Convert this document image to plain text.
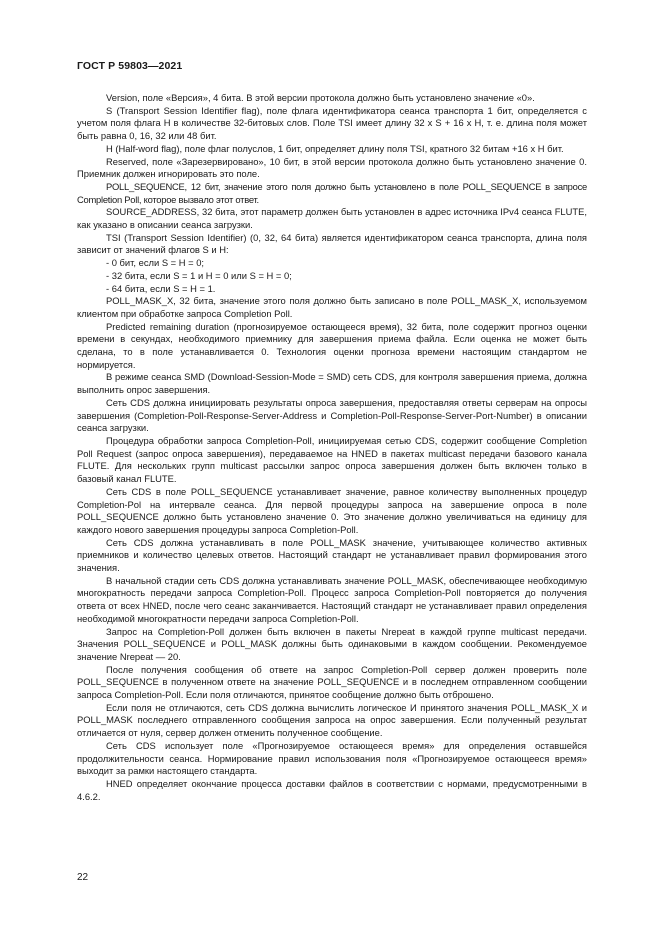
ГОСТ Р 59803—2021

Version, поле «Версия», 4 бита. В этой версии протокола должно быть установлено значение «0».

S (Transport Session Identifier flag), поле флага идентификатора сеанса транспорта 1 бит, определяется с учетом поля флага H в количестве 32-битовых слов. Поле TSI имеет длину 32 x S + 16 x H, т. е. длина поля может быть равна 0, 16, 32 или 48 бит.

H (Half-word flag), поле флаг полуслов, 1 бит, определяет длину поля TSI, кратного 32 битам +16 x H бит.

Reserved, поле «Зарезервировано», 10 бит, в этой версии протокола должно быть установлено значение 0. Приемник должен игнорировать это поле.

POLL_SEQUENCE, 12 бит, значение этого поля должно быть установлено в поле POLL_SEQUENCE в запросе Completion Poll, которое вызвало этот ответ.

SOURCE_ADDRESS, 32 бита, этот параметр должен быть установлен в адрес источника IPv4 сеанса FLUTE, как указано в описании сеанса загрузки.

TSI (Transport Session Identifier) (0, 32, 64 бита) является идентификатором сеанса транспорта, длина поля зависит от значений флагов S и H:

- 0 бит, если S = H = 0;

- 32 бита, если S = 1 и H = 0 или S = H = 0;

- 64 бита, если S = H = 1.

POLL_MASK_X, 32 бита, значение этого поля должно быть записано в поле POLL_MASK_X, используемом клиентом при обработке запроса Completion Poll.

Predicted remaining duration (прогнозируемое остающееся время), 32 бита, поле содержит прогноз оценки времени в секундах, необходимого приемнику для завершения приема файла. Если оценка не может быть сделана, то в поле устанавливается 0. Технология оценки прогноза времени настоящим стандартом не нормируется.

В режиме сеанса SMD (Download-Session-Mode = SMD) сеть CDS, для контроля завершения приема, должна выполнить опрос завершения.

Сеть CDS должна инициировать результаты опроса завершения, предоставляя ответы серверам на опросы завершения (Completion-Poll-Response-Server-Address и Completion-Poll-Response-Server-Port-Number) в описании сеанса загрузки.

Процедура обработки запроса Completion-Poll, инициируемая сетью CDS, содержит сообщение Completion Poll Request (запрос опроса завершения), передаваемое на HNED в пакетах multicast передачи базового канала FLUTE. Для нескольких групп multicast рассылки запрос опроса завершения должен быть включен только в базовый канал FLUTE.

Сеть CDS в поле POLL_SEQUENCE устанавливает значение, равное количеству выполненных процедур Completion-Pol на интервале сеанса. Для первой процедуры запроса на завершение опроса в поле POLL_SEQUENCE должно быть установлено значение 0. Это значение должно увеличиваться на единицу для каждого нового завершения процедуры запроса Completion-Poll.

Сеть CDS должна устанавливать в поле POLL_MASK значение, учитывающее количество активных приемников и количество целевых ответов. Настоящий стандарт не устанавливает правил формирования этого значения.

В начальной стадии сеть CDS должна устанавливать значение POLL_MASK, обеспечивающее необходимую многократность передачи запроса Completion-Poll. Процесс запроса Completion-Poll повторяется до получения ответа от всех HNED, после чего сеанс заканчивается. Настоящий стандарт не устанавливает правил определения необходимой многократности передачи запроса Completion-Poll.

Запрос на Completion-Poll должен быть включен в пакеты Nrepeat в каждой группе multicast передачи. Значения POLL_SEQUENCE и POLL_MASK должны быть одинаковыми в каждом сообщении. Рекомендуемое значение Nrepeat — 20.

После получения сообщения об ответе на запрос Completion-Poll сервер должен проверить поле POLL_SEQUENCE в полученном ответе на значение POLL_SEQUENCE и в последнем отправленном сообщении запроса Completion-Poll. Если поля отличаются, принятое сообщение должно быть отброшено.

Если поля не отличаются, сеть CDS должна вычислить логическое И принятого значения POLL_MASK_X и POLL_MASK последнего отправленного сообщения запроса на опрос завершения. Если полученный результат отличается от нуля, сервер должен отменить полученное сообщение.

Сеть CDS использует поле «Прогнозируемое остающееся время» для определения оставшейся продолжительности сеанса. Нормирование правил использования поля «Прогнозируемое остающееся время» выходит за рамки настоящего стандарта.

HNED определяет окончание процесса доставки файлов в соответствии с нормами, предусмотренными в 4.6.2.

22
